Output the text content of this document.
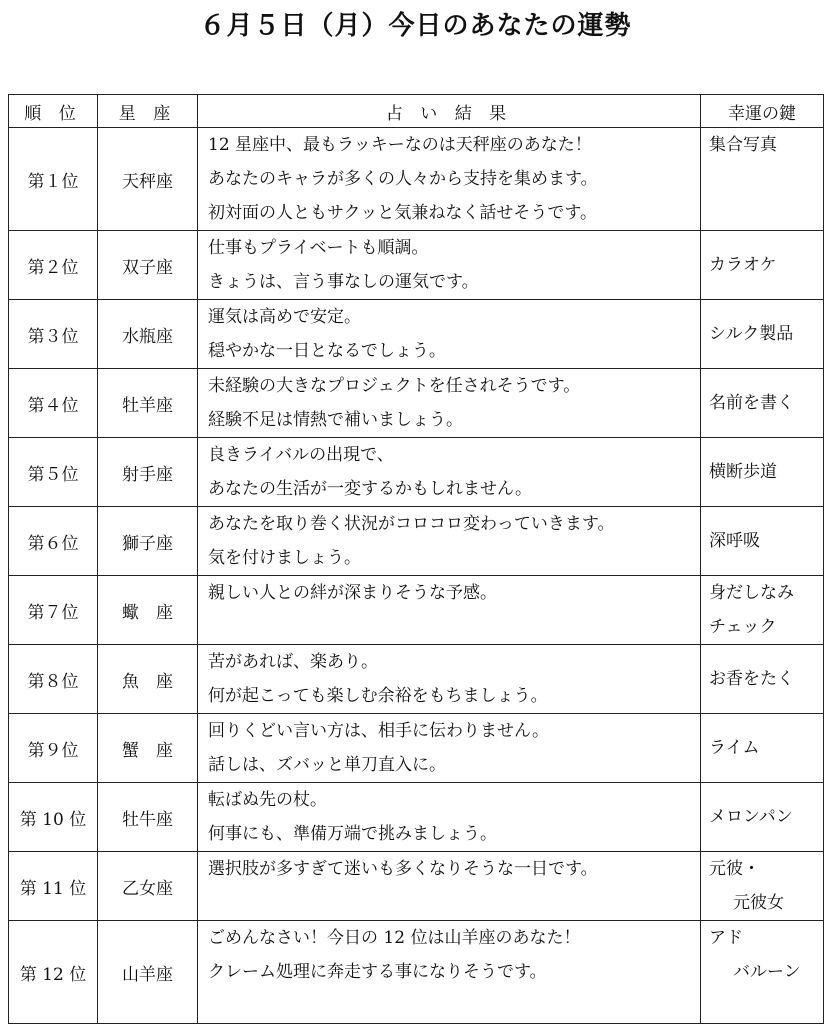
６月５日（月）今日のあなたの運勢
順 位	星 座	占 い 結 果	幸運の鍵
第１位	天秤座	12 星座中、最もラッキーなのは天秤座のあなた！
あなたのキャラが多くの人々から支持を集めます。
初対面の人ともサクッと気兼ねなく話せそうです。	集合写真

第２位	双子座	仕事もプライベートも順調。
きょうは、言う事なしの運気です。	カラオケ

第３位	水瓶座	運気は高めで安定。
穏やかな一日となるでしょう。	シルク製品

第４位	牡羊座	未経験の大きなプロジェクトを任されそうです。
経験不足は情熱で補いましょう。	名前を書く

第５位	射手座	良きライバルの出現で、
あなたの生活が一変するかもしれません。	横断歩道

第６位	獅子座	あなたを取り巻く状況がコロコロ変わっていきます。
気を付けましょう。	深呼吸

第７位	蠍　座	親しい人との絆が深まりそうな予感。	身だしなみ
チェック

第８位	魚　座	苦があれば、楽あり。
何が起こっても楽しむ余裕をもちましょう。	お香をたく

第９位	蟹　座	回りくどい言い方は、相手に伝わりません。
話しは、ズバッと単刀直入に。	ライム

第 10 位	牡牛座	転ばぬ先の杖。
何事にも、準備万端で挑みましょう。	メロンパン

第 11 位	乙女座	選択肢が多すぎて迷いも多くなりそうな一日です。	元彼・
元彼女

第 12 位	山羊座	ごめんなさい！今日の 12 位は山羊座のあなた！
クレーム処理に奔走する事になりそうです。	アド
バルーン
